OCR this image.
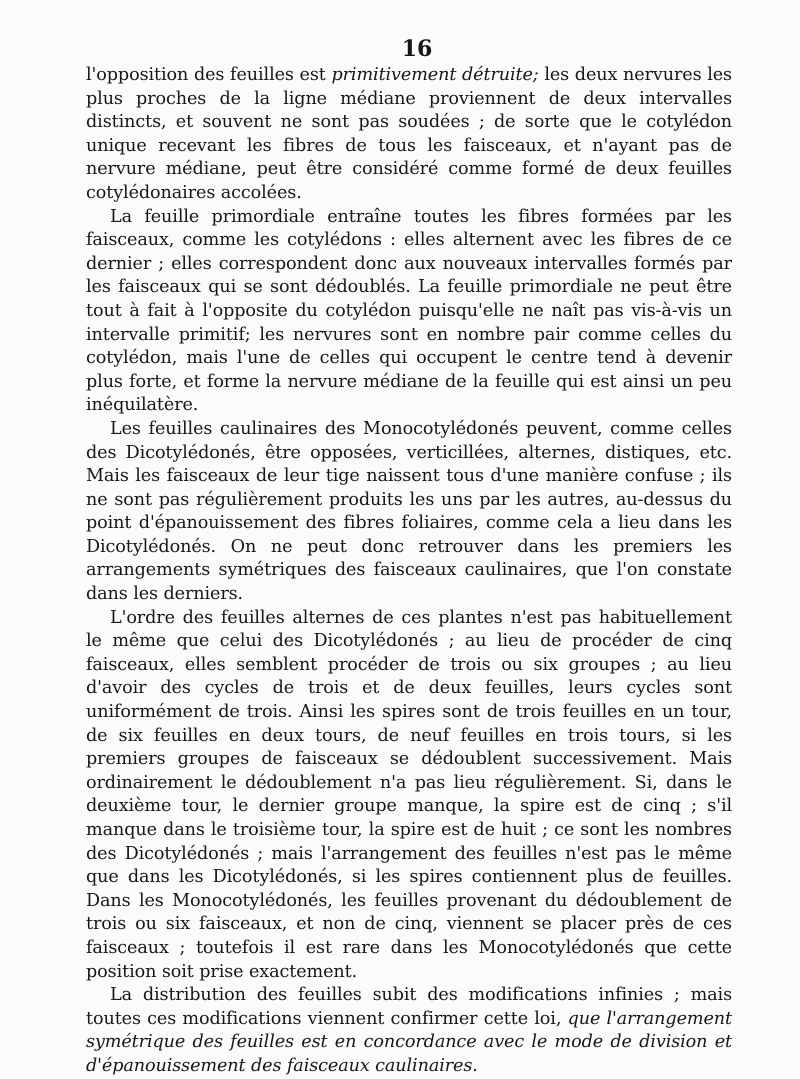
16

l'opposition des feuilles est primitivement détruite; les deux nervures les plus proches de la ligne médiane proviennent de deux intervalles distincts, et souvent ne sont pas soudées ; de sorte que le cotylédon unique recevant les fibres de tous les faisceaux, et n'ayant pas de nervure médiane, peut être considéré comme formé de deux feuilles cotylédonaires accolées.

La feuille primordiale entraîne toutes les fibres formées par les faisceaux, comme les cotylédons : elles alternent avec les fibres de ce dernier ; elles correspondent donc aux nouveaux intervalles formés par les faisceaux qui se sont dédoublés. La feuille primordiale ne peut être tout à fait à l'opposite du cotylédon puisqu'elle ne naît pas vis-à-vis un intervalle primitif; les nervures sont en nombre pair comme celles du cotylédon, mais l'une de celles qui occupent le centre tend à devenir plus forte, et forme la nervure médiane de la feuille qui est ainsi un peu inéquilatère.

Les feuilles caulinaires des Monocotylédonés peuvent, comme celles des Dicotylédonés, être opposées, verticillées, alternes, distiques, etc. Mais les faisceaux de leur tige naissent tous d'une manière confuse ; ils ne sont pas régulièrement produits les uns par les autres, au-dessus du point d'épanouissement des fibres foliaires, comme cela a lieu dans les Dicotylédonés. On ne peut donc retrouver dans les premiers les arrangements symétriques des faisceaux caulinaires, que l'on constate dans les derniers.

L'ordre des feuilles alternes de ces plantes n'est pas habituellement le même que celui des Dicotylédonés ; au lieu de procéder de cinq faisceaux, elles semblent procéder de trois ou six groupes ; au lieu d'avoir des cycles de trois et de deux feuilles, leurs cycles sont uniformément de trois. Ainsi les spires sont de trois feuilles en un tour, de six feuilles en deux tours, de neuf feuilles en trois tours, si les premiers groupes de faisceaux se dédoublent successivement. Mais ordinairement le dédoublement n'a pas lieu régulièrement. Si, dans le deuxième tour, le dernier groupe manque, la spire est de cinq ; s'il manque dans le troisième tour, la spire est de huit ; ce sont les nombres des Dicotylédonés ; mais l'arrangement des feuilles n'est pas le même que dans les Dicotylédonés, si les spires contiennent plus de feuilles. Dans les Monocotylédonés, les feuilles provenant du dédoublement de trois ou six faisceaux, et non de cinq, viennent se placer près de ces faisceaux ; toutefois il est rare dans les Monocotylédonés que cette position soit prise exactement.

La distribution des feuilles subit des modifications infinies ; mais toutes ces modifications viennent confirmer cette loi, que l'arrangement symétrique des feuilles est en concordance avec le mode de division et d'épanouissement des faisceaux caulinaires.
